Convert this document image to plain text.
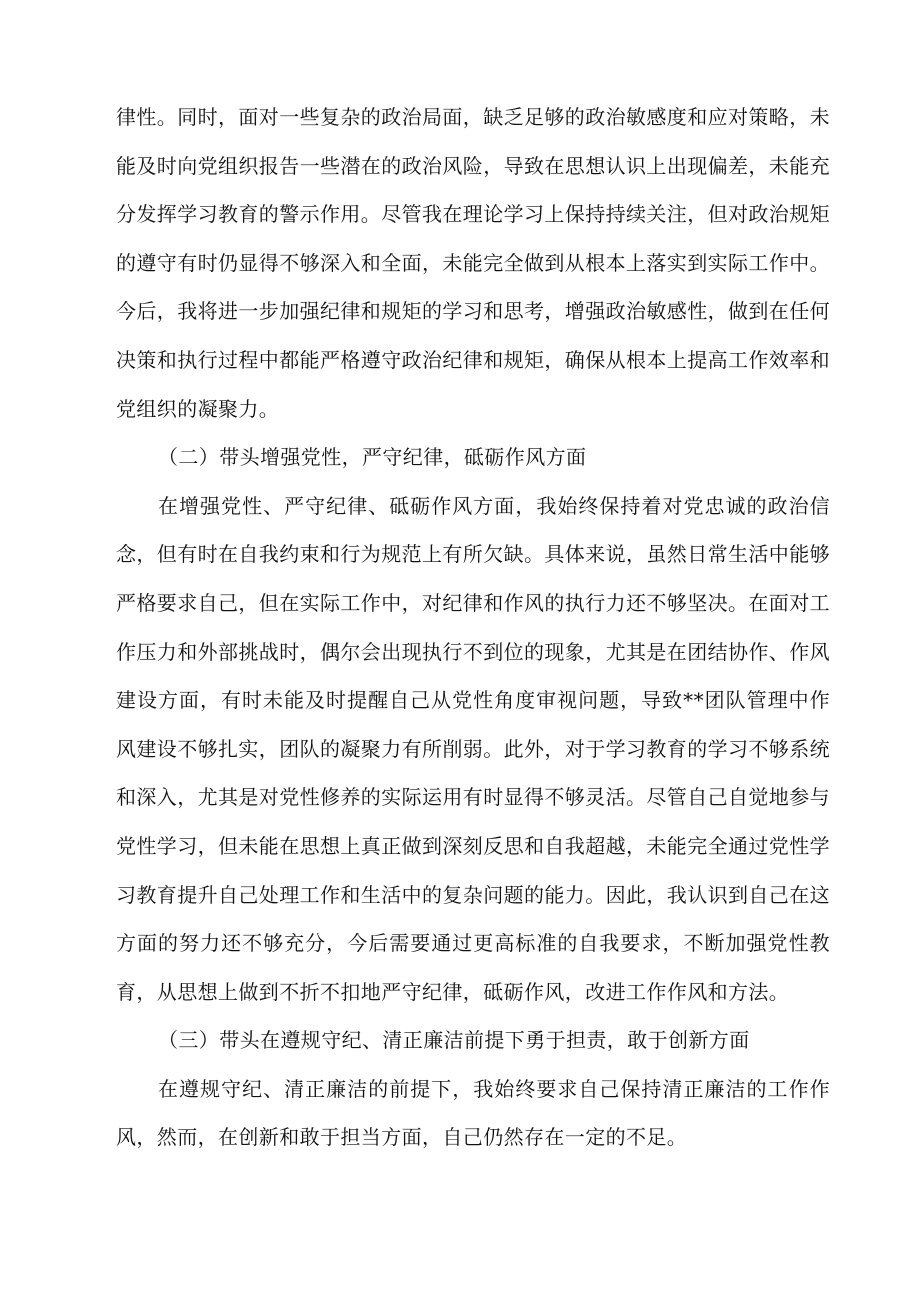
律性。同时，面对一些复杂的政治局面，缺乏足够的政治敏感度和应对策略，未能及时向党组织报告一些潜在的政治风险，导致在思想认识上出现偏差，未能充分发挥学习教育的警示作用。尽管我在理论学习上保持持续关注，但对政治规矩的遵守有时仍显得不够深入和全面，未能完全做到从根本上落实到实际工作中。今后，我将进一步加强纪律和规矩的学习和思考，增强政治敏感性，做到在任何决策和执行过程中都能严格遵守政治纪律和规矩，确保从根本上提高工作效率和党组织的凝聚力。

（二）带头增强党性，严守纪律，砥砺作风方面

在增强党性、严守纪律、砥砺作风方面，我始终保持着对党忠诚的政治信念，但有时在自我约束和行为规范上有所欠缺。具体来说，虽然日常生活中能够严格要求自己，但在实际工作中，对纪律和作风的执行力还不够坚决。在面对工作压力和外部挑战时，偶尔会出现执行不到位的现象，尤其是在团结协作、作风建设方面，有时未能及时提醒自己从党性角度审视问题，导致**团队管理中作风建设不够扎实，团队的凝聚力有所削弱。此外，对于学习教育的学习不够系统和深入，尤其是对党性修养的实际运用有时显得不够灵活。尽管自己自觉地参与党性学习，但未能在思想上真正做到深刻反思和自我超越，未能完全通过党性学习教育提升自己处理工作和生活中的复杂问题的能力。因此，我认识到自己在这方面的努力还不够充分，今后需要通过更高标准的自我要求，不断加强党性教育，从思想上做到不折不扣地严守纪律，砥砺作风，改进工作作风和方法。

（三）带头在遵规守纪、清正廉洁前提下勇于担责，敢于创新方面

在遵规守纪、清正廉洁的前提下，我始终要求自己保持清正廉洁的工作作风，然而，在创新和敢于担当方面，自己仍然存在一定的不足。
